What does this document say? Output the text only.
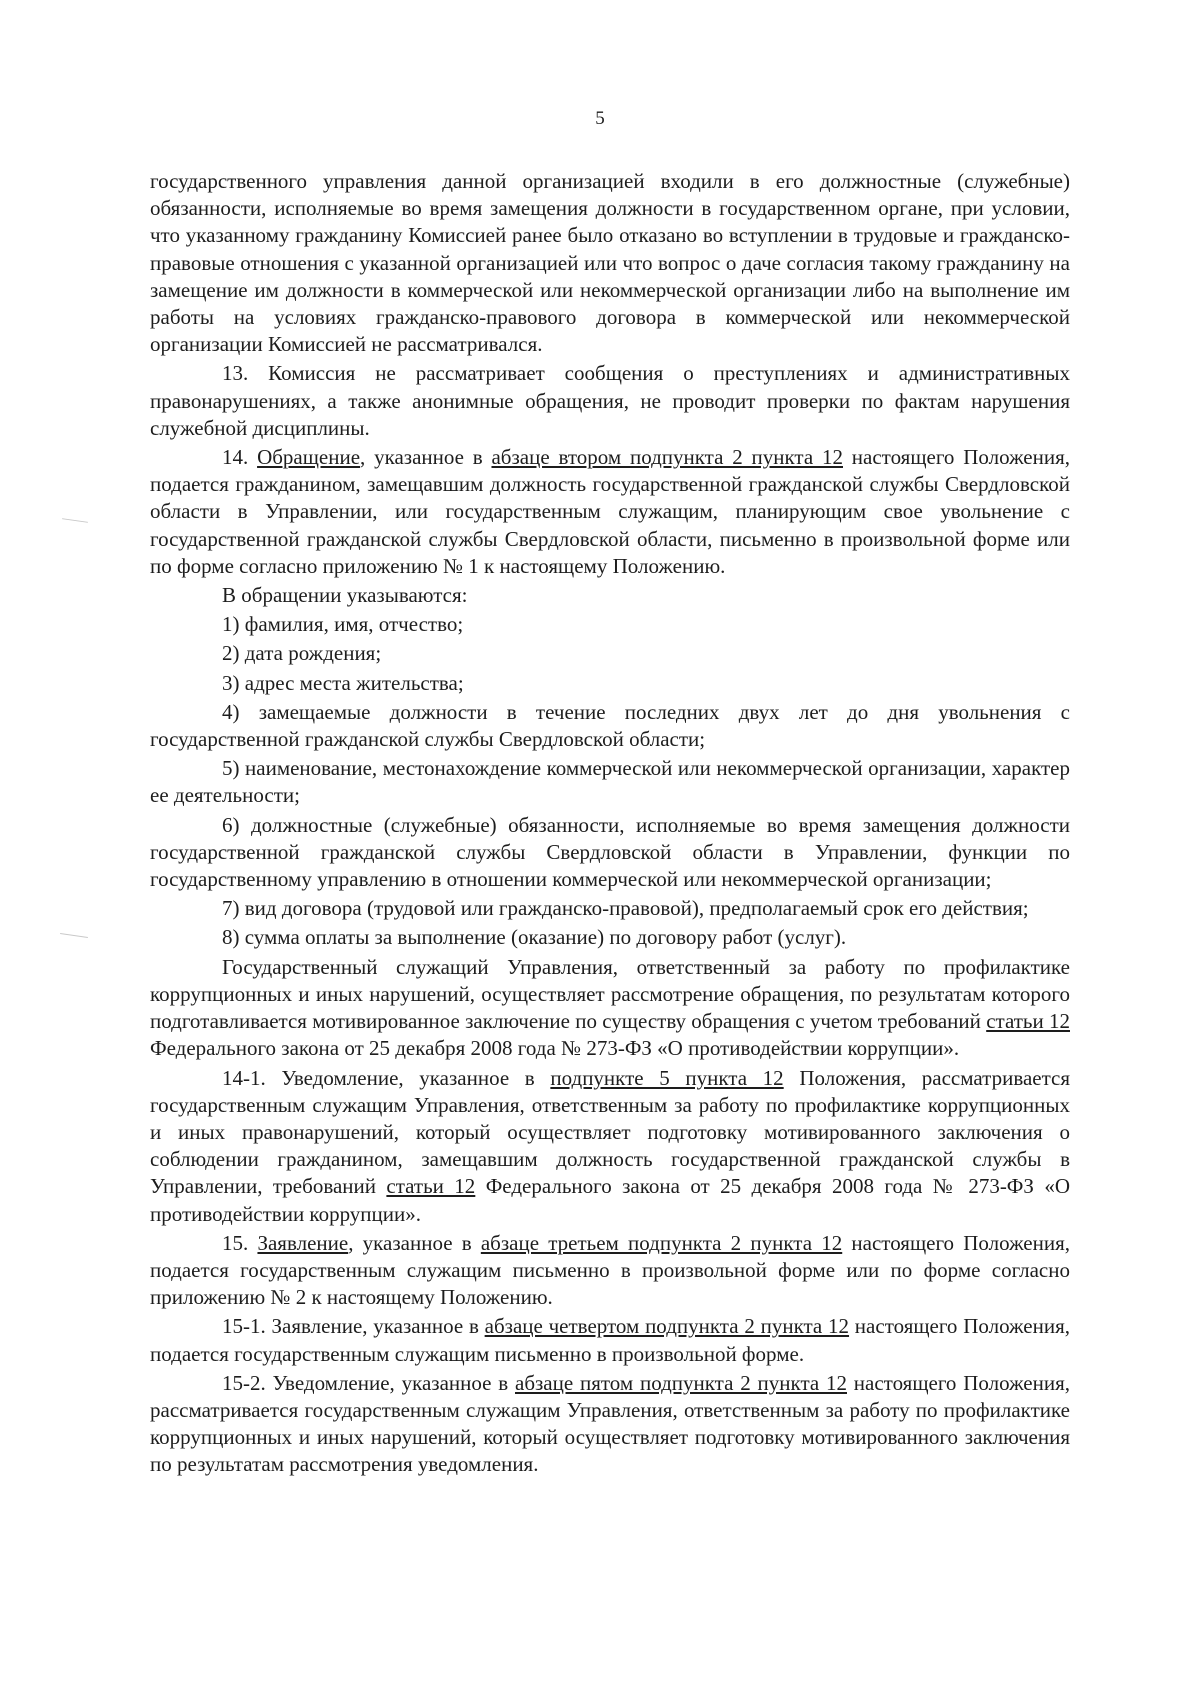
5

государственного управления данной организацией входили в его должностные (служебные) обязанности, исполняемые во время замещения должности в государственном органе, при условии, что указанному гражданину Комиссией ранее было отказано во вступлении в трудовые и гражданско-правовые отношения с указанной организацией или что вопрос о даче согласия такому гражданину на замещение им должности в коммерческой или некоммерческой организации либо на выполнение им работы на условиях гражданско-правового договора в коммерческой или некоммерческой организации Комиссией не рассматривался.

13. Комиссия не рассматривает сообщения о преступлениях и административных правонарушениях, а также анонимные обращения, не проводит проверки по фактам нарушения служебной дисциплины.

14. Обращение, указанное в абзаце втором подпункта 2 пункта 12 настоящего Положения, подается гражданином, замещавшим должность государственной гражданской службы Свердловской области в Управлении, или государственным служащим, планирующим свое увольнение с государственной гражданской службы Свердловской области, письменно в произвольной форме или по форме согласно приложению № 1 к настоящему Положению.

В обращении указываются:

1) фамилия, имя, отчество;

2) дата рождения;

3) адрес места жительства;

4) замещаемые должности в течение последних двух лет до дня увольнения с государственной гражданской службы Свердловской области;

5) наименование, местонахождение коммерческой или некоммерческой организации, характер ее деятельности;

6) должностные (служебные) обязанности, исполняемые во время замещения должности государственной гражданской службы Свердловской области в Управлении, функции по государственному управлению в отношении коммерческой или некоммерческой организации;

7) вид договора (трудовой или гражданско-правовой), предполагаемый срок его действия;

8) сумма оплаты за выполнение (оказание) по договору работ (услуг).

Государственный служащий Управления, ответственный за работу по профилактике коррупционных и иных нарушений, осуществляет рассмотрение обращения, по результатам которого подготавливается мотивированное заключение по существу обращения с учетом требований статьи 12 Федерального закона от 25 декабря 2008 года № 273-ФЗ «О противодействии коррупции».

14-1. Уведомление, указанное в подпункте 5 пункта 12 Положения, рассматривается государственным служащим Управления, ответственным за работу по профилактике коррупционных и иных правонарушений, который осуществляет подготовку мотивированного заключения о соблюдении гражданином, замещавшим должность государственной гражданской службы в Управлении, требований статьи 12 Федерального закона от 25 декабря 2008 года № 273-ФЗ «О противодействии коррупции».

15. Заявление, указанное в абзаце третьем подпункта 2 пункта 12 настоящего Положения, подается государственным служащим письменно в произвольной форме или по форме согласно приложению № 2 к настоящему Положению.

15-1. Заявление, указанное в абзаце четвертом подпункта 2 пункта 12 настоящего Положения, подается государственным служащим письменно в произвольной форме.

15-2. Уведомление, указанное в абзаце пятом подпункта 2 пункта 12 настоящего Положения, рассматривается государственным служащим Управления, ответственным за работу по профилактике коррупционных и иных нарушений, который осуществляет подготовку мотивированного заключения по результатам рассмотрения уведомления.
